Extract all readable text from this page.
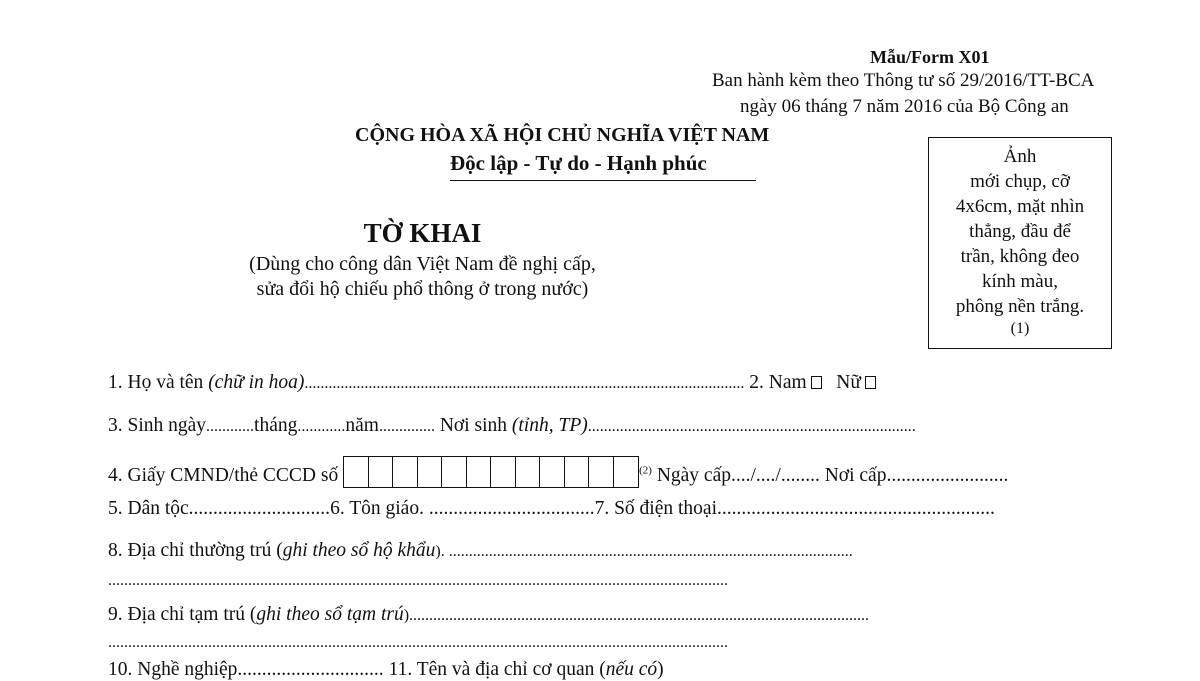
Mẫu/Form X01
Ban hành kèm theo Thông tư số 29/2016/TT-BCA
ngày 06 tháng 7 năm 2016 của Bộ Công an
CỘNG HÒA XÃ HỘI CHỦ NGHĨA VIỆT NAM
Độc lập - Tự do - Hạnh phúc
TỜ KHAI
(Dùng cho công dân Việt Nam đề nghị cấp,
sửa đổi hộ chiếu phổ thông ở trong nước)
Ảnh
mới chụp, cỡ
4x6cm, mặt nhìn
thẳng, đầu để
trần, không đeo
kính màu,
phông nền trắng.
(1)
1. Họ và tên (chữ in hoa).............................................................................................................. 2. Nam Nữ
3. Sinh ngày............tháng............năm.............. Nơi sinh (tỉnh, TP)..................................................................................
4. Giấy CMND/thẻ CCCD số	$^{(2)}$ Ngày cấp..../..../........ Nơi cấp.........................
5. Dân tộc.............................6. Tôn giáo. ..................................7. Số điện thoại.........................................................
8. Địa chỉ thường trú (ghi theo sổ hộ khẩu). .....................................................................................................
...........................................................................................................................................................
9. Địa chỉ tạm trú (ghi theo sổ tạm trú)...................................................................................................................
...........................................................................................................................................................
10. Nghề nghiệp.............................. 11. Tên và địa chỉ cơ quan (nếu có)
